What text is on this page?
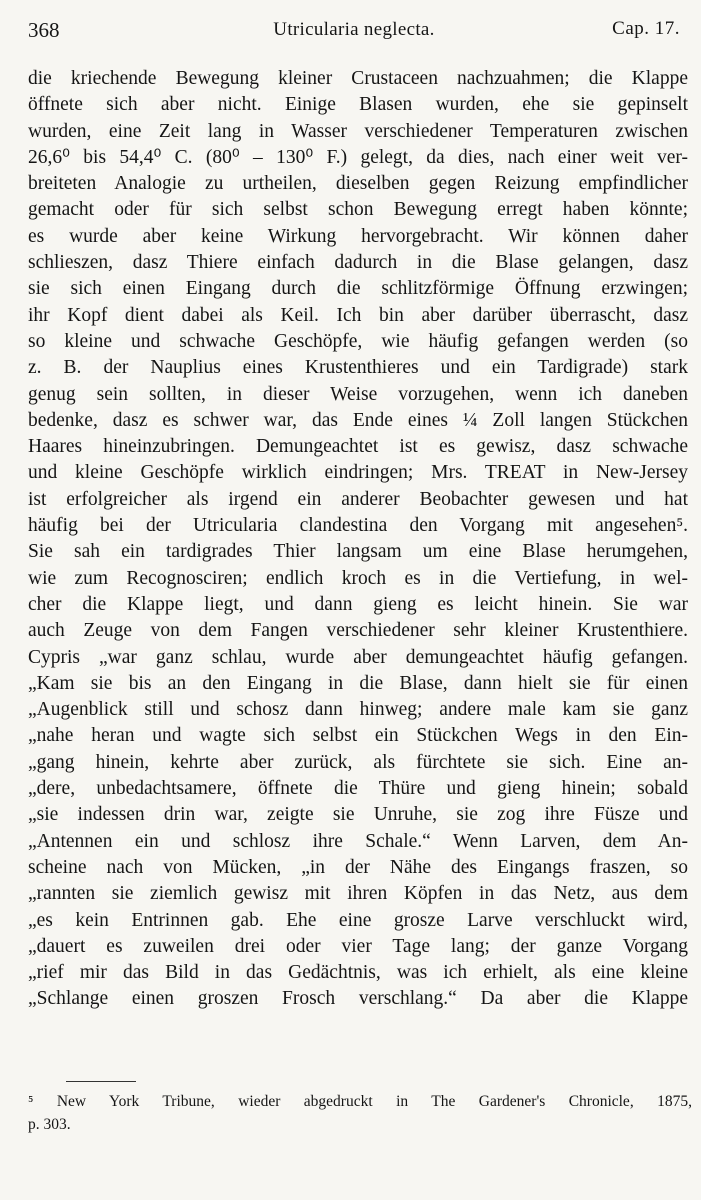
368	Utricularia neglecta.	Cap. 17.
die kriechende Bewegung kleiner Crustaceen nachzuahmen; die Klappe
öffnete sich aber nicht. Einige Blasen wurden, ehe sie gepinselt
wurden, eine Zeit lang in Wasser verschiedener Temperaturen zwischen
26,6⁰ bis 54,4⁰ C. (80⁰ – 130⁰ F.) gelegt, da dies, nach einer weit ver-
breiteten Analogie zu urtheilen, dieselben gegen Reizung empfindlicher
gemacht oder für sich selbst schon Bewegung erregt haben könnte;
es wurde aber keine Wirkung hervorgebracht. Wir können daher
schlieszen, dasz Thiere einfach dadurch in die Blase gelangen, dasz
sie sich einen Eingang durch die schlitzförmige Öffnung erzwingen;
ihr Kopf dient dabei als Keil. Ich bin aber darüber überrascht, dasz
so kleine und schwache Geschöpfe, wie häufig gefangen werden (so
z. B. der Nauplius eines Krustenthieres und ein Tardigrade) stark
genug sein sollten, in dieser Weise vorzugehen, wenn ich daneben
bedenke, dasz es schwer war, das Ende eines ¼ Zoll langen Stückchen
Haares hineinzubringen. Demungeachtet ist es gewisz, dasz schwache
und kleine Geschöpfe wirklich eindringen; Mrs. TREAT in New-Jersey
ist erfolgreicher als irgend ein anderer Beobachter gewesen und hat
häufig bei der Utricularia clandestina den Vorgang mit angesehen⁵.
Sie sah ein tardigrades Thier langsam um eine Blase herumgehen,
wie zum Recognosciren; endlich kroch es in die Vertiefung, in wel-
cher die Klappe liegt, und dann gieng es leicht hinein. Sie war
auch Zeuge von dem Fangen verschiedener sehr kleiner Krustenthiere.
Cypris „war ganz schlau, wurde aber demungeachtet häufig gefangen.
„Kam sie bis an den Eingang in die Blase, dann hielt sie für einen
„Augenblick still und schosz dann hinweg; andere male kam sie ganz
„nahe heran und wagte sich selbst ein Stückchen Wegs in den Ein-
„gang hinein, kehrte aber zurück, als fürchtete sie sich. Eine an-
„dere, unbedachtsamere, öffnete die Thüre und gieng hinein; sobald
„sie indessen drin war, zeigte sie Unruhe, sie zog ihre Füsze und
„Antennen ein und schlosz ihre Schale.“ Wenn Larven, dem An-
scheine nach von Mücken, „in der Nähe des Eingangs fraszen, so
„rannten sie ziemlich gewisz mit ihren Köpfen in das Netz, aus dem
„es kein Entrinnen gab. Ehe eine grosze Larve verschluckt wird,
„dauert es zuweilen drei oder vier Tage lang; der ganze Vorgang
„rief mir das Bild in das Gedächtnis, was ich erhielt, als eine kleine
„Schlange einen groszen Frosch verschlang.“ Da aber die Klappe
⁵ New York Tribune, wieder abgedruckt in The Gardener's Chronicle, 1875,
p. 303.
